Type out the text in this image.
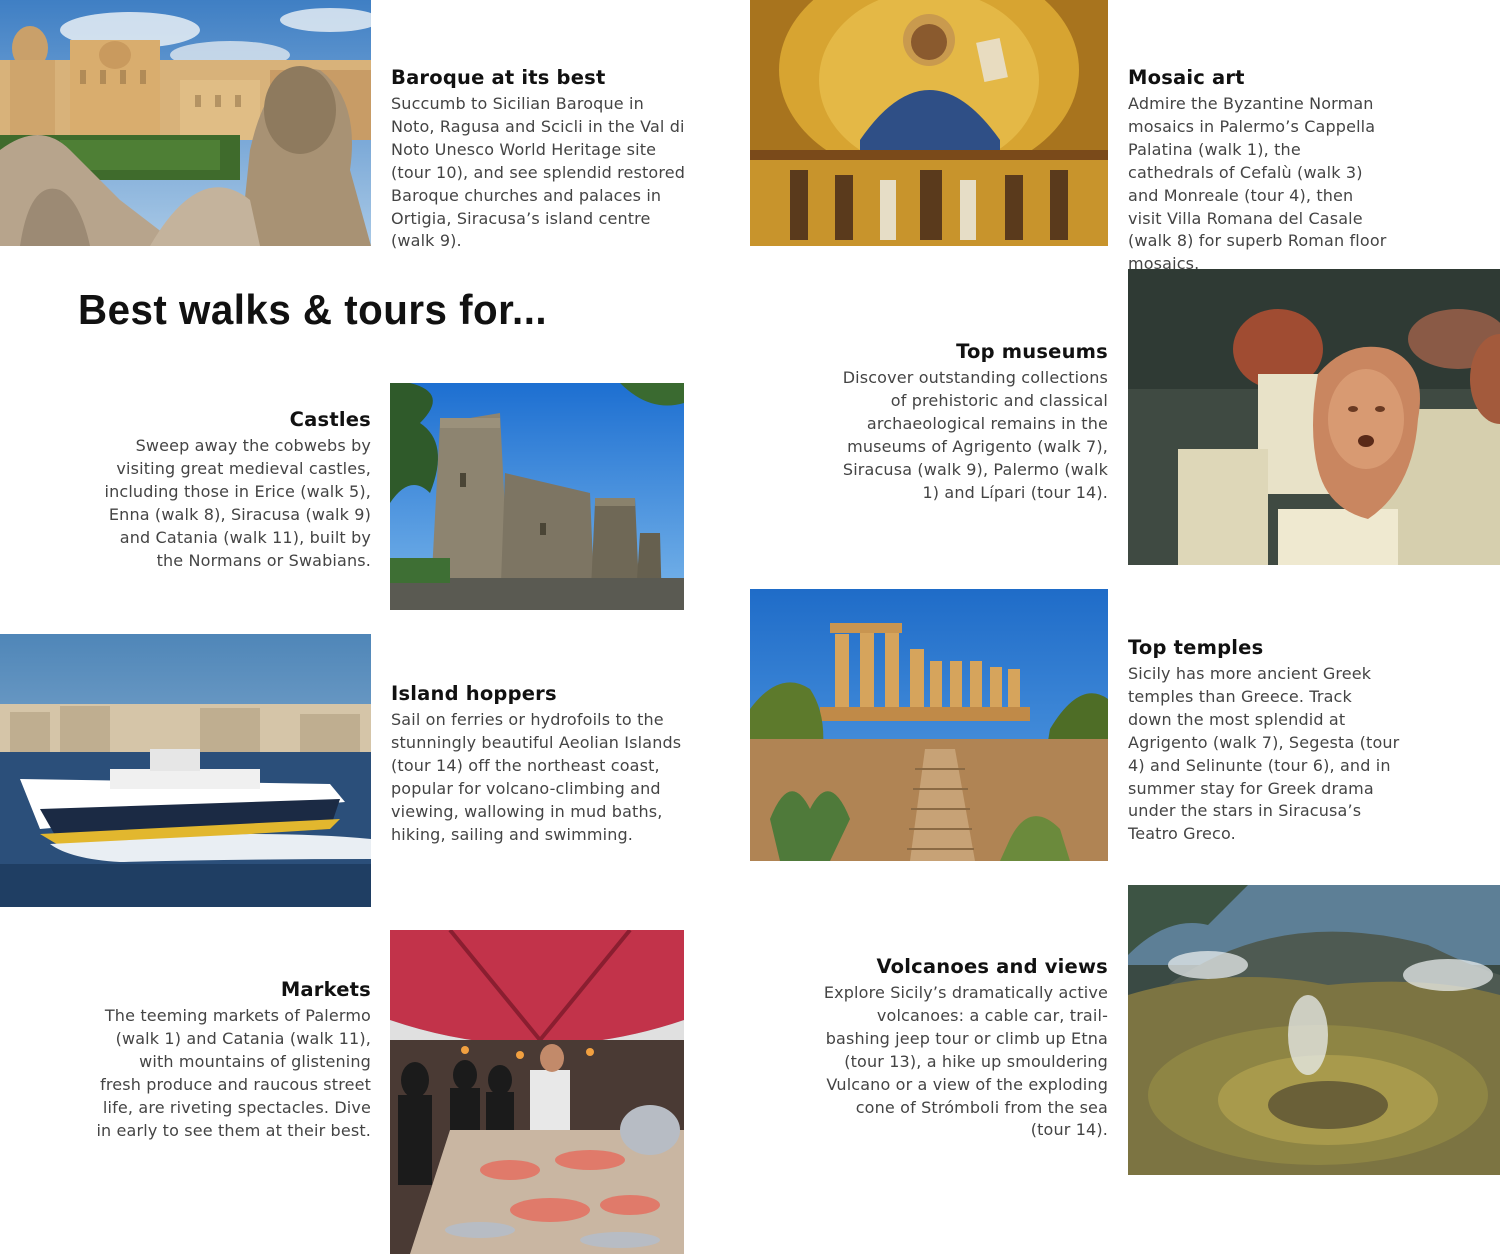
LIBERTY lines
Best walks & tours for...
Baroque at its best

Succumb to Sicilian Baroque in Noto, Ragusa and Scicli in the Val di Noto Unesco World Heritage site (tour 10), and see splendid restored Baroque churches and palaces in Ortigia, Siracusa’s island centre (walk 9).

Mosaic art

Admire the Byzantine Norman mosaics in Palermo’s Cappella Palatina (walk 1), the cathedrals of Cefalù (walk 3) and Monreale (tour 4), then visit Villa Romana del Casale (walk 8) for superb Roman floor mosaics.

Top museums

Discover outstanding collections of prehistoric and classical archaeological remains in the museums of Agrigento (walk 7), Siracusa (walk 9), Palermo (walk 1) and Lípari (tour 14).

Castles

Sweep away the cobwebs by visiting great medieval castles, including those in Erice (walk 5), Enna (walk 8), Siracusa (walk 9) and Catania (walk 11), built by the Normans or Swabians.

Island hoppers

Sail on ferries or hydrofoils to the stunningly beautiful Aeolian Islands (tour 14) off the northeast coast, popular for volcano-climbing and viewing, wallowing in mud baths, hiking, sailing and swimming.

Top temples

Sicily has more ancient Greek temples than Greece. Track down the most splendid at Agrigento (walk 7), Segesta (tour 4) and Selinunte (tour 6), and in summer stay for Greek drama under the stars in Siracusa’s Teatro Greco.

Markets

The teeming markets of Palermo (walk 1) and Catania (walk 11), with mountains of glistening fresh produce and raucous street life, are riveting spectacles. Dive in early to see them at their best.

Volcanoes and views

Explore Sicily’s dramatically active volcanoes: a cable car, trail-bashing jeep tour or climb up Etna (tour 13), a hike up smouldering Vulcano or a view of the exploding cone of Strómboli from the sea (tour 14).
